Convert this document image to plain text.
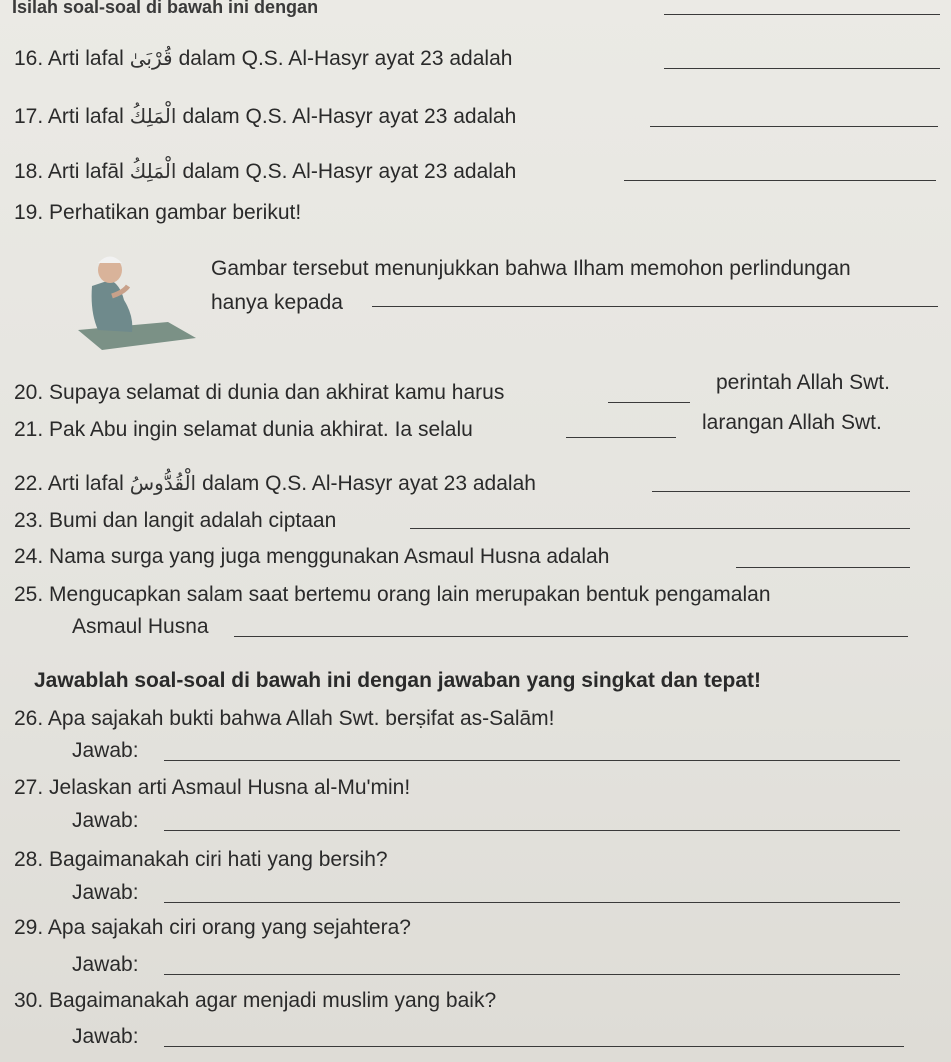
Isilah soal-soal di bawah ini dengan
16. Arti lafal قُرْبَىٰ dalam Q.S. Al-Hasyr ayat 23 adalah
17. Arti lafal الْمَلِكُ dalam Q.S. Al-Hasyr ayat 23 adalah
18. Arti lafāl الْمَلِكُ dalam Q.S. Al-Hasyr ayat 23 adalah
19. Perhatikan gambar berikut!
Gambar tersebut menunjukkan bahwa Ilham memohon perlindungan
hanya kepada
20. Supaya selamat di dunia dan akhirat kamu harus	perintah Allah Swt.
21. Pak Abu ingin selamat dunia akhirat. Ia selalu	larangan Allah Swt.
22. Arti lafal الْقُدُّوسُ dalam Q.S. Al-Hasyr ayat 23 adalah
23. Bumi dan langit adalah ciptaan
24. Nama surga yang juga menggunakan Asmaul Husna adalah
25. Mengucapkan salam saat bertemu orang lain merupakan bentuk pengamalan
Asmaul Husna
Jawablah soal-soal di bawah ini dengan jawaban yang singkat dan tepat!
26. Apa sajakah bukti bahwa Allah Swt. berṣifat as-Salām!
Jawab:
27. Jelaskan arti Asmaul Husna al-Mu'min!
Jawab:
28. Bagaimanakah ciri hati yang bersih?
Jawab:
29. Apa sajakah ciri orang yang sejahtera?
Jawab:
30. Bagaimanakah agar menjadi muslim yang baik?
Jawab:
